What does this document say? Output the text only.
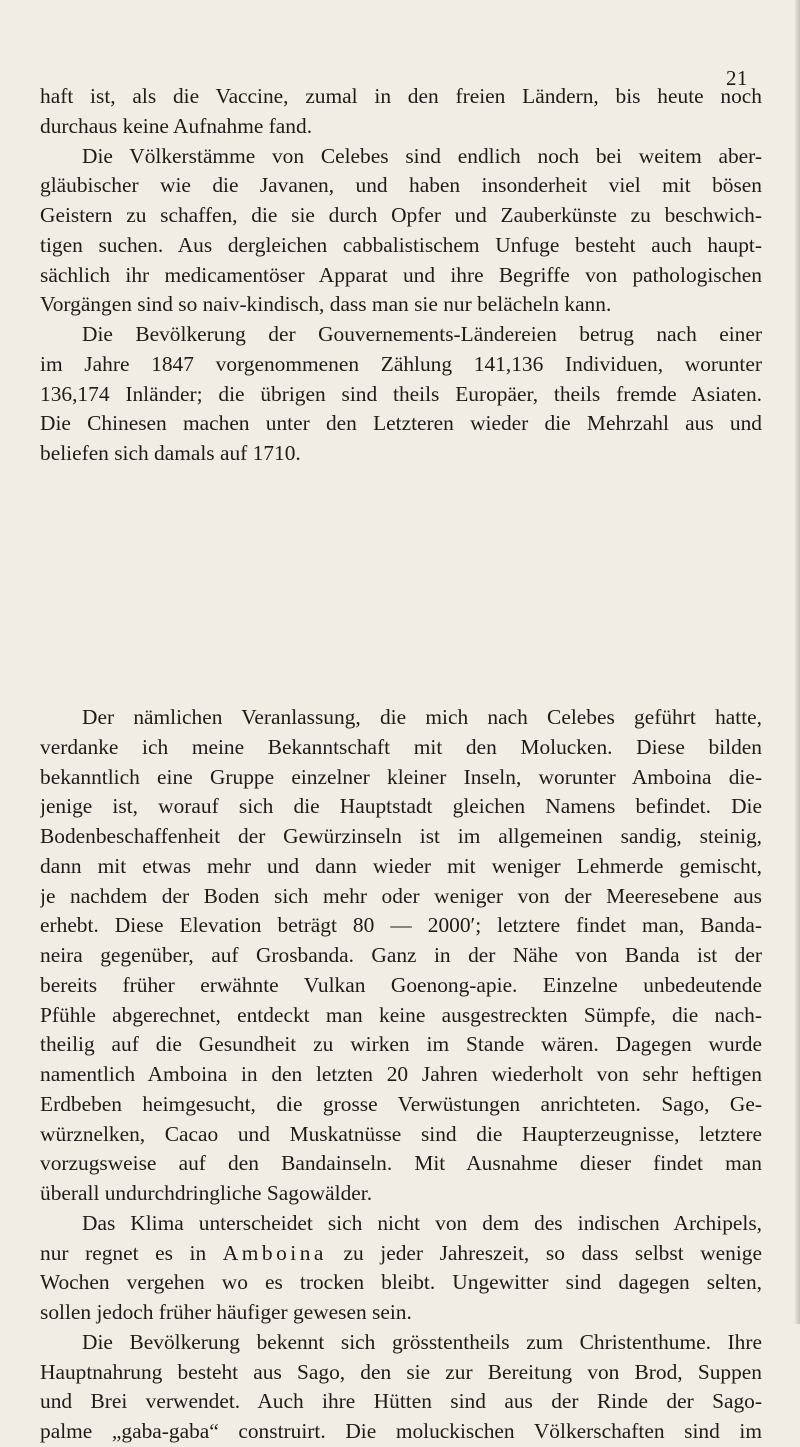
21
haft ist, als die Vaccine, zumal in den freien Ländern, bis heute noch
durchaus keine Aufnahme fand.
Die Völkerstämme von Celebes sind endlich noch bei weitem aber-
gläubischer wie die Javanen, und haben insonderheit viel mit bösen
Geistern zu schaffen, die sie durch Opfer und Zauberkünste zu beschwich-
tigen suchen. Aus dergleichen cabbalistischem Unfuge besteht auch haupt-
sächlich ihr medicamentöser Apparat und ihre Begriffe von pathologischen
Vorgängen sind so naiv-kindisch, dass man sie nur belächeln kann.
Die Bevölkerung der Gouvernements-Ländereien betrug nach einer
im Jahre 1847 vorgenommenen Zählung 141,136 Individuen, worunter
136,174 Inländer; die übrigen sind theils Europäer, theils fremde Asiaten.
Die Chinesen machen unter den Letzteren wieder die Mehrzahl aus und
beliefen sich damals auf 1710.
Der nämlichen Veranlassung, die mich nach Celebes geführt hatte,
verdanke ich meine Bekanntschaft mit den Molucken. Diese bilden
bekanntlich eine Gruppe einzelner kleiner Inseln, worunter Amboina die-
jenige ist, worauf sich die Hauptstadt gleichen Namens befindet. Die
Bodenbeschaffenheit der Gewürzinseln ist im allgemeinen sandig, steinig,
dann mit etwas mehr und dann wieder mit weniger Lehmerde gemischt,
je nachdem der Boden sich mehr oder weniger von der Meeresebene aus
erhebt. Diese Elevation beträgt 80 — 2000′; letztere findet man, Banda-
neira gegenüber, auf Grosbanda. Ganz in der Nähe von Banda ist der
bereits früher erwähnte Vulkan Goenong-apie. Einzelne unbedeutende
Pfühle abgerechnet, entdeckt man keine ausgestreckten Sümpfe, die nach-
theilig auf die Gesundheit zu wirken im Stande wären. Dagegen wurde
namentlich Amboina in den letzten 20 Jahren wiederholt von sehr heftigen
Erdbeben heimgesucht, die grosse Verwüstungen anrichteten. Sago, Ge-
würznelken, Cacao und Muskatnüsse sind die Haupterzeugnisse, letztere
vorzugsweise auf den Bandainseln. Mit Ausnahme dieser findet man
überall undurchdringliche Sagowälder.
Das Klima unterscheidet sich nicht von dem des indischen Archipels,
nur regnet es in Amboina zu jeder Jahreszeit, so dass selbst wenige
Wochen vergehen wo es trocken bleibt. Ungewitter sind dagegen selten,
sollen jedoch früher häufiger gewesen sein.
Die Bevölkerung bekennt sich grösstentheils zum Christenthume. Ihre
Hauptnahrung besteht aus Sago, den sie zur Bereitung von Brod, Suppen
und Brei verwendet. Auch ihre Hütten sind aus der Rinde der Sago-
palme „gaba-gaba“ construirt. Die moluckischen Völkerschaften sind im
